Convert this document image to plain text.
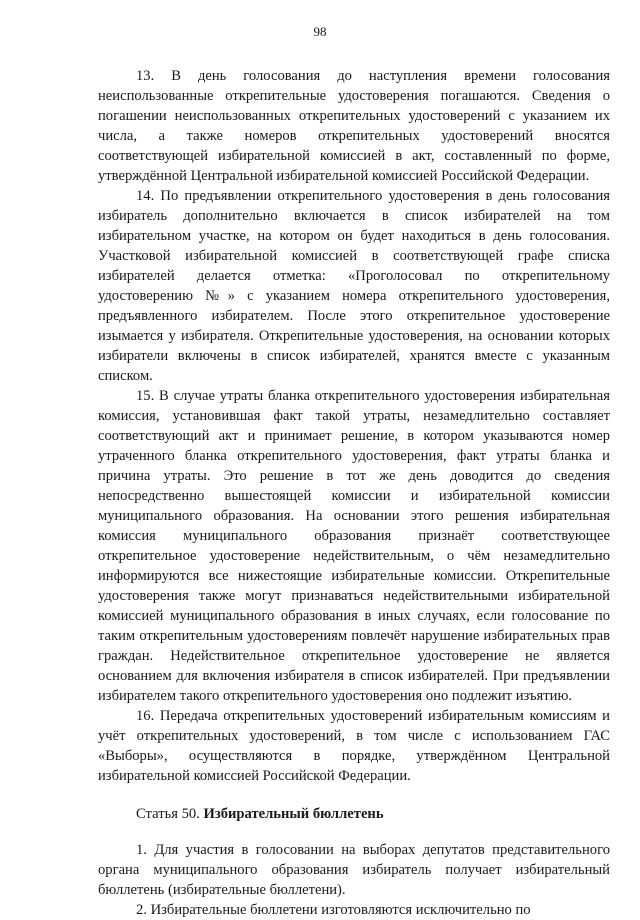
98

13. В день голосования до наступления времени голосования неиспользованные открепительные удостоверения погашаются. Сведения о погашении неиспользованных открепительных удостоверений с указанием их числа, а также номеров открепительных удостоверений вносятся соответствующей избирательной комиссией в акт, составленный по форме, утверждённой Центральной избирательной комиссией Российской Федерации.

14. По предъявлении открепительного удостоверения в день голосования избиратель дополнительно включается в список избирателей на том избирательном участке, на котором он будет находиться в день голосования. Участковой избирательной комиссией в соответствующей графе списка избирателей делается отметка: «Проголосовал по открепительному удостоверению №» с указанием номера открепительного удостоверения, предъявленного избирателем. После этого открепительное удостоверение изымается у избирателя. Открепительные удостоверения, на основании которых избиратели включены в список избирателей, хранятся вместе с указанным списком.

15. В случае утраты бланка открепительного удостоверения избирательная комиссия, установившая факт такой утраты, незамедлительно составляет соответствующий акт и принимает решение, в котором указываются номер утраченного бланка открепительного удостоверения, факт утраты бланка и причина утраты. Это решение в тот же день доводится до сведения непосредственно вышестоящей комиссии и избирательной комиссии муниципального образования. На основании этого решения избирательная комиссия муниципального образования признаёт соответствующее открепительное удостоверение недействительным, о чём незамедлительно информируются все нижестоящие избирательные комиссии. Открепительные удостоверения также могут признаваться недействительными избирательной комиссией муниципального образования в иных случаях, если голосование по таким открепительным удостоверениям повлечёт нарушение избирательных прав граждан. Недействительное открепительное удостоверение не является основанием для включения избирателя в список избирателей. При предъявлении избирателем такого открепительного удостоверения оно подлежит изъятию.

16. Передача открепительных удостоверений избирательным комиссиям и учёт открепительных удостоверений, в том числе с использованием ГАС «Выборы», осуществляются в порядке, утверждённом Центральной избирательной комиссией Российской Федерации.

Статья 50. Избирательный бюллетень

1. Для участия в голосовании на выборах депутатов представительного органа муниципального образования избиратель получает избирательный бюллетень (избирательные бюллетени).

2. Избирательные бюллетени изготовляются исключительно по
